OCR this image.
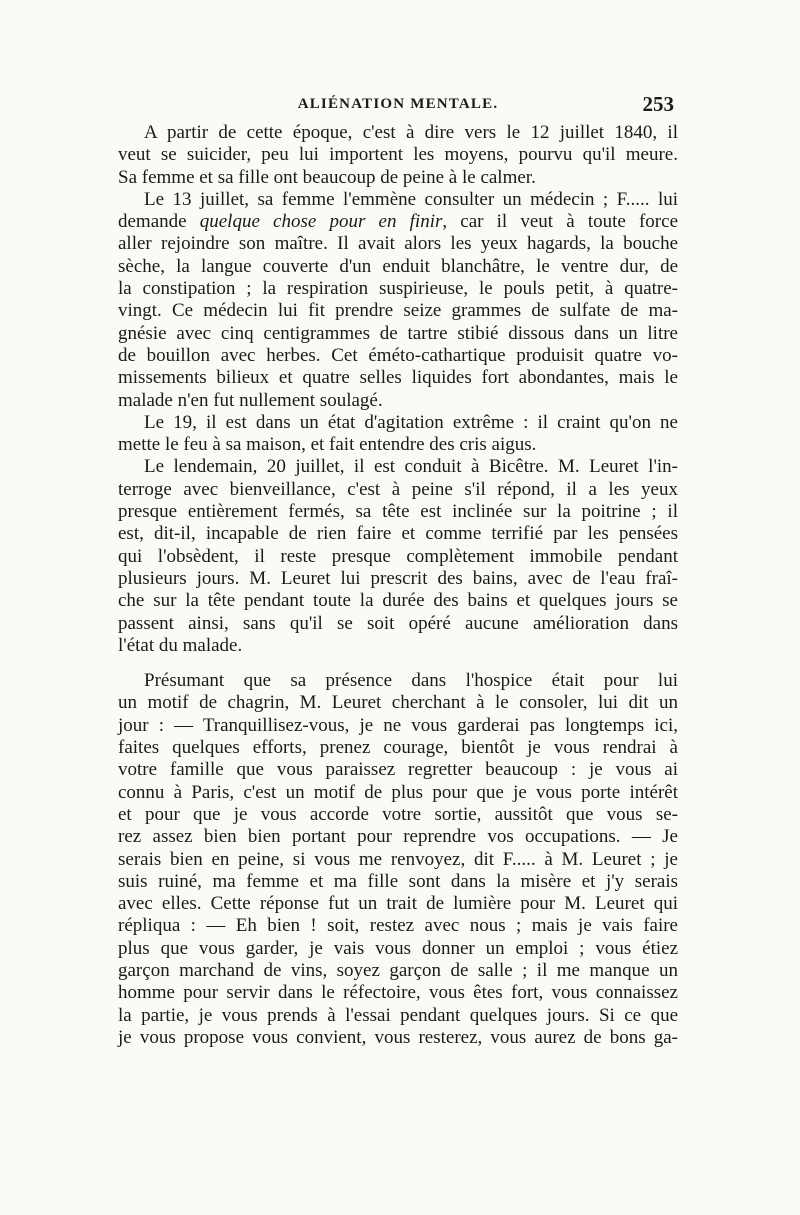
ALIÉNATION MENTALE.	253
A partir de cette époque, c'est à dire vers le 12 juillet 1840, il
veut se suicider, peu lui importent les moyens, pourvu qu'il meure.
Sa femme et sa fille ont beaucoup de peine à le calmer.
Le 13 juillet, sa femme l'emmène consulter un médecin ; F..... lui
demande quelque chose pour en finir, car il veut à toute force
aller rejoindre son maître. Il avait alors les yeux hagards, la bouche
sèche, la langue couverte d'un enduit blanchâtre, le ventre dur, de
la constipation ; la respiration suspirieuse, le pouls petit, à quatre-
vingt. Ce médecin lui fit prendre seize grammes de sulfate de ma-
gnésie avec cinq centigrammes de tartre stibié dissous dans un litre
de bouillon avec herbes. Cet éméto-cathartique produisit quatre vo-
missements bilieux et quatre selles liquides fort abondantes, mais le
malade n'en fut nullement soulagé.
Le 19, il est dans un état d'agitation extrême : il craint qu'on ne
mette le feu à sa maison, et fait entendre des cris aigus.
Le lendemain, 20 juillet, il est conduit à Bicêtre. M. Leuret l'in-
terroge avec bienveillance, c'est à peine s'il répond, il a les yeux
presque entièrement fermés, sa tête est inclinée sur la poitrine ; il
est, dit-il, incapable de rien faire et comme terrifié par les pensées
qui l'obsèdent, il reste presque complètement immobile pendant
plusieurs jours. M. Leuret lui prescrit des bains, avec de l'eau fraî-
che sur la tête pendant toute la durée des bains et quelques jours se
passent ainsi, sans qu'il se soit opéré aucune amélioration dans
l'état du malade.
Présumant que sa présence dans l'hospice était pour lui
un motif de chagrin, M. Leuret cherchant à le consoler, lui dit un
jour : — Tranquillisez-vous, je ne vous garderai pas longtemps ici,
faites quelques efforts, prenez courage, bientôt je vous rendrai à
votre famille que vous paraissez regretter beaucoup : je vous ai
connu à Paris, c'est un motif de plus pour que je vous porte intérêt
et pour que je vous accorde votre sortie, aussitôt que vous se-
rez assez bien bien portant pour reprendre vos occupations. — Je
serais bien en peine, si vous me renvoyez, dit F..... à M. Leuret ; je
suis ruiné, ma femme et ma fille sont dans la misère et j'y serais
avec elles. Cette réponse fut un trait de lumière pour M. Leuret qui
répliqua : — Eh bien ! soit, restez avec nous ; mais je vais faire
plus que vous garder, je vais vous donner un emploi ; vous étiez
garçon marchand de vins, soyez garçon de salle ; il me manque un
homme pour servir dans le réfectoire, vous êtes fort, vous connaissez
la partie, je vous prends à l'essai pendant quelques jours. Si ce que
je vous propose vous convient, vous resterez, vous aurez de bons ga-
